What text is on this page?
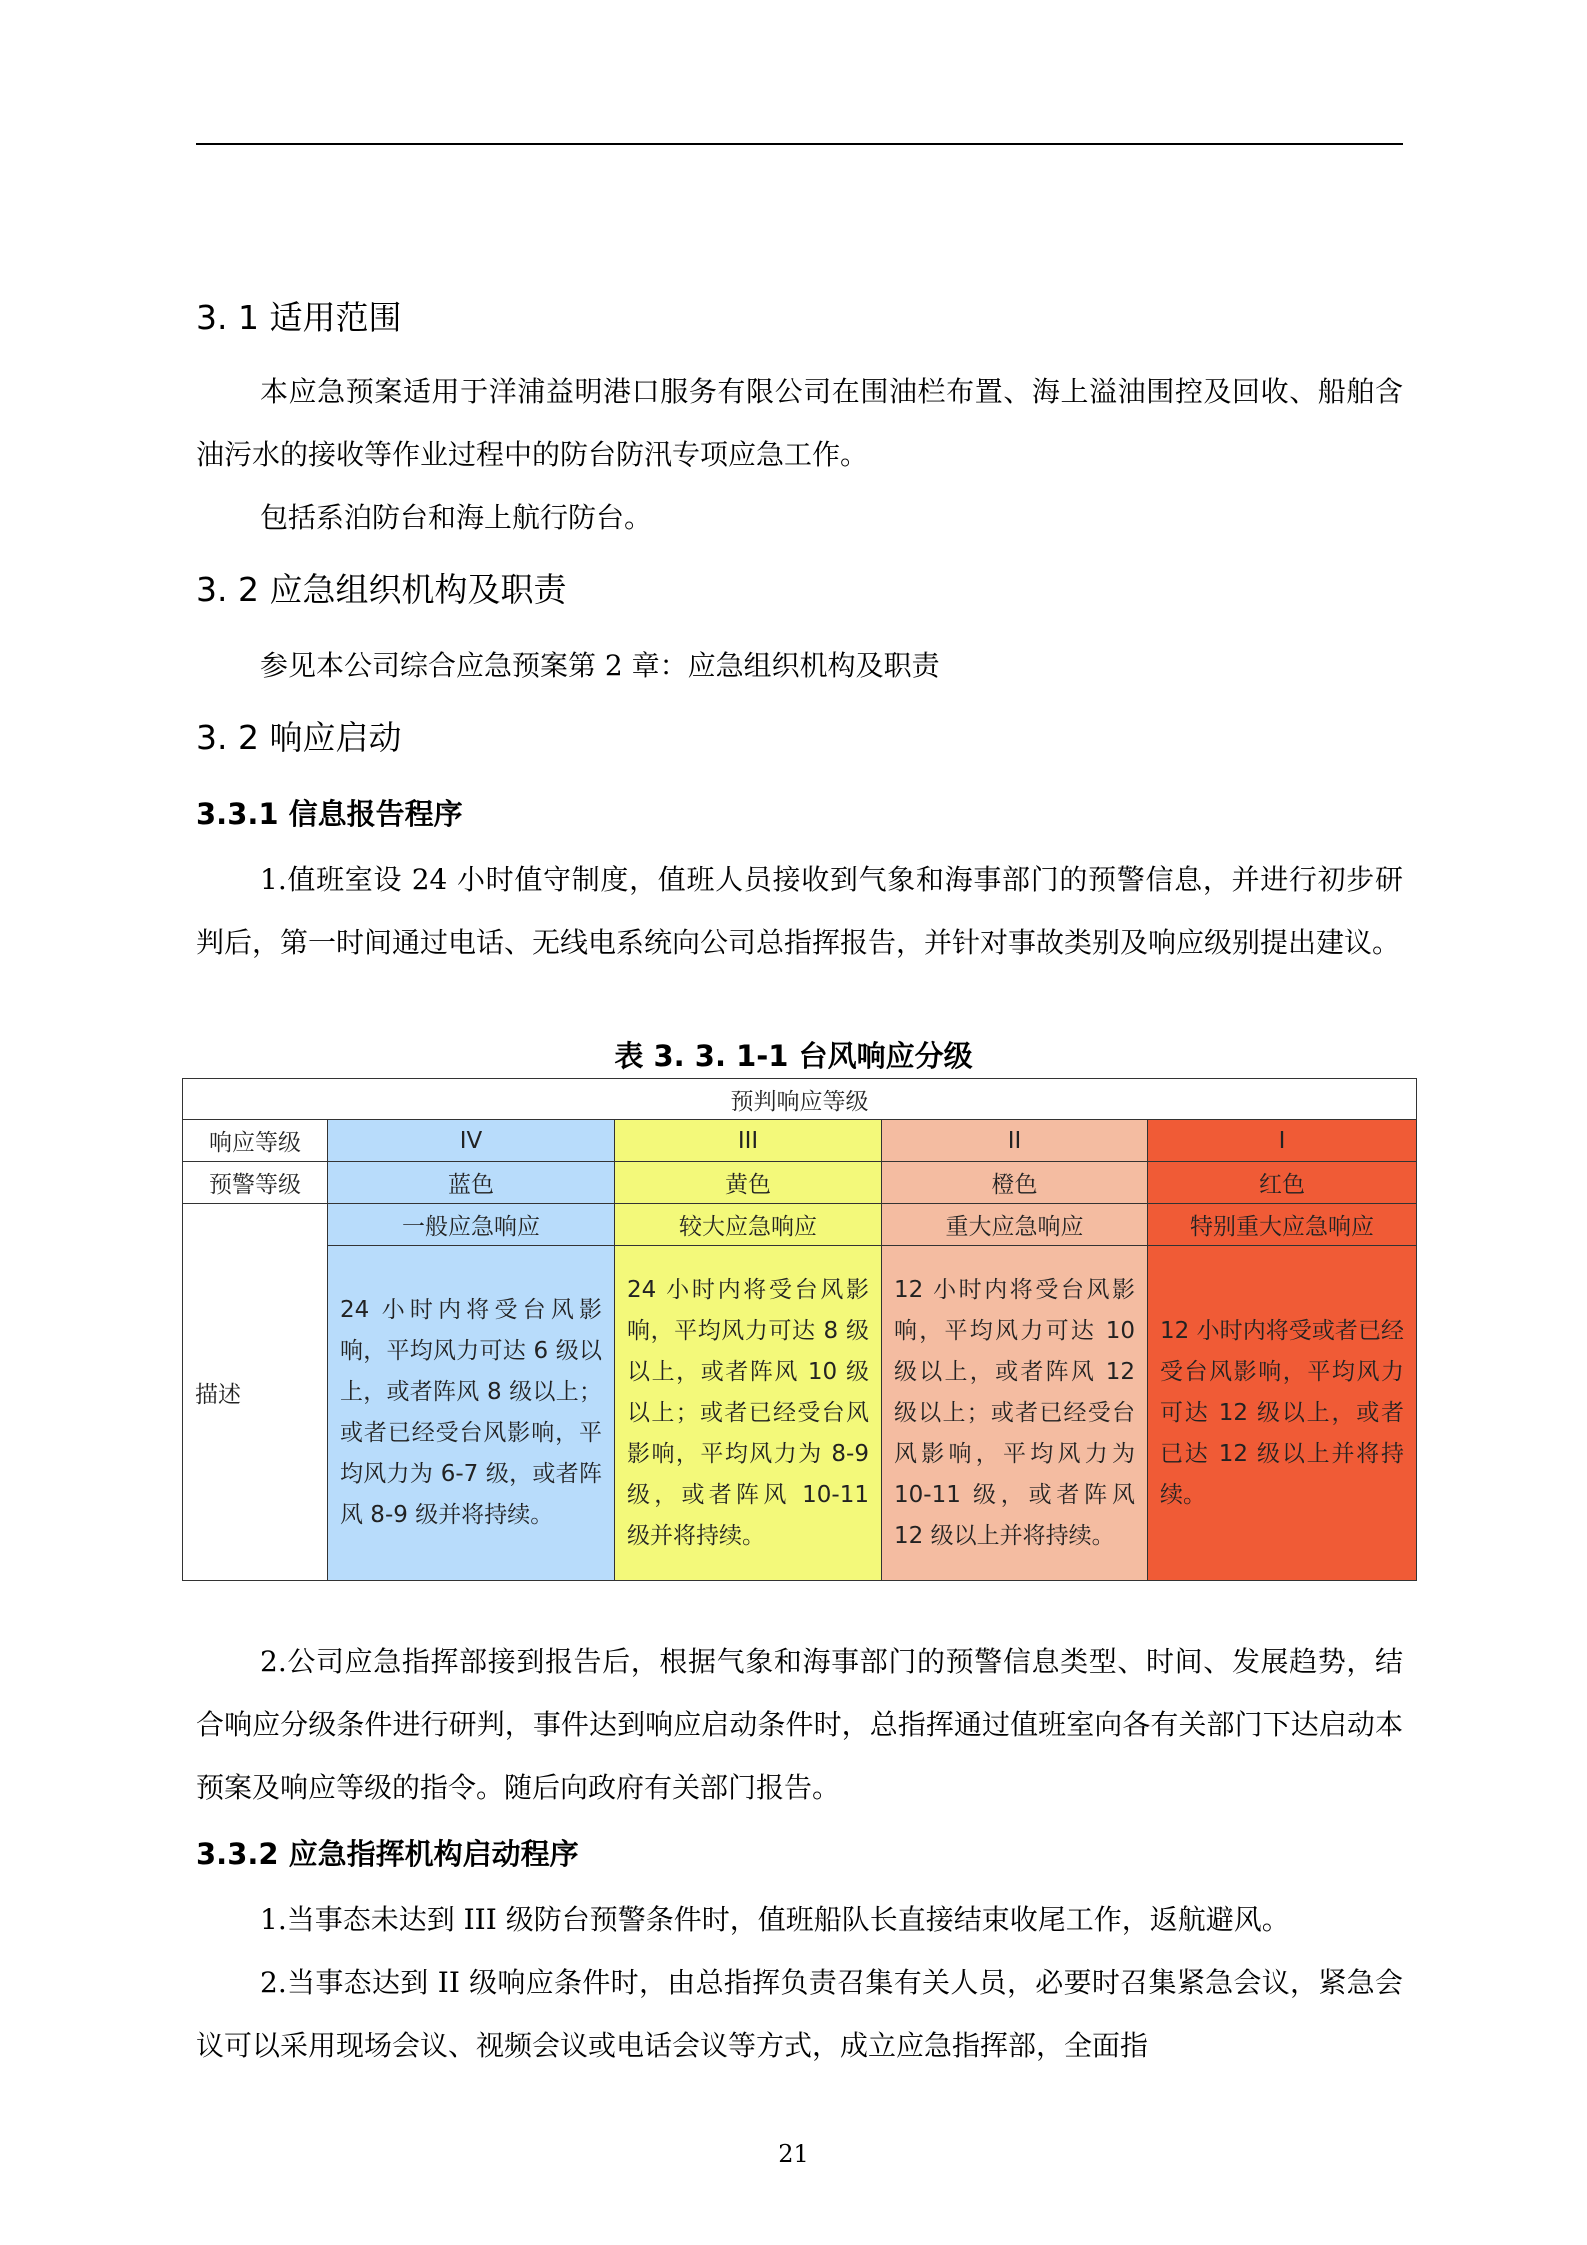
3. 1 适用范围
本应急预案适用于洋浦益明港口服务有限公司在围油栏布置、海上溢油围控及回收、船舶含油污水的接收等作业过程中的防台防汛专项应急工作。
包括系泊防台和海上航行防台。
3. 2 应急组织机构及职责
参见本公司综合应急预案第 2 章：应急组织机构及职责
3. 2 响应启动
3.3.1 信息报告程序
1.值班室设 24 小时值守制度，值班人员接收到气象和海事部门的预警信息，并进行初步研判后，第一时间通过电话、无线电系统向公司总指挥报告，并针对事故类别及响应级别提出建议。
表 3. 3. 1-1 台风响应分级
预判响应等级				
响应等级	IV	III	II	I
预警等级	蓝色	黄色	橙色	红色
描述	一般应急响应	较大应急响应	重大应急响应	特别重大应急响应

	24 小时内将受台风影响，平均风力可达 6 级以上，或者阵风 8 级以上；或者已经受台风影响，平均风力为 6-7 级，或者阵风 8-9 级并将持续。	24 小时内将受台风影响，平均风力可达 8 级以上，或者阵风 10 级以上；或者已经受台风影响，平均风力为 8-9 级，或者阵风 10-11 级并将持续。	12 小时内将受台风影响，平均风力可达 10 级以上，或者阵风 12 级以上；或者已经受台风影响，平均风力为 10-11 级，或者阵风 12 级以上并将持续。	12 小时内将受或者已经受台风影响，平均风力可达 12 级以上，或者已达 12 级以上并将持续。
2.公司应急指挥部接到报告后，根据气象和海事部门的预警信息类型、时间、发展趋势，结合响应分级条件进行研判，事件达到响应启动条件时，总指挥通过值班室向各有关部门下达启动本预案及响应等级的指令。随后向政府有关部门报告。
3.3.2 应急指挥机构启动程序
1.当事态未达到 III 级防台预警条件时，值班船队长直接结束收尾工作，返航避风。
2.当事态达到 II 级响应条件时，由总指挥负责召集有关人员，必要时召集紧急会议，紧急会议可以采用现场会议、视频会议或电话会议等方式，成立应急指挥部，全面指
21
